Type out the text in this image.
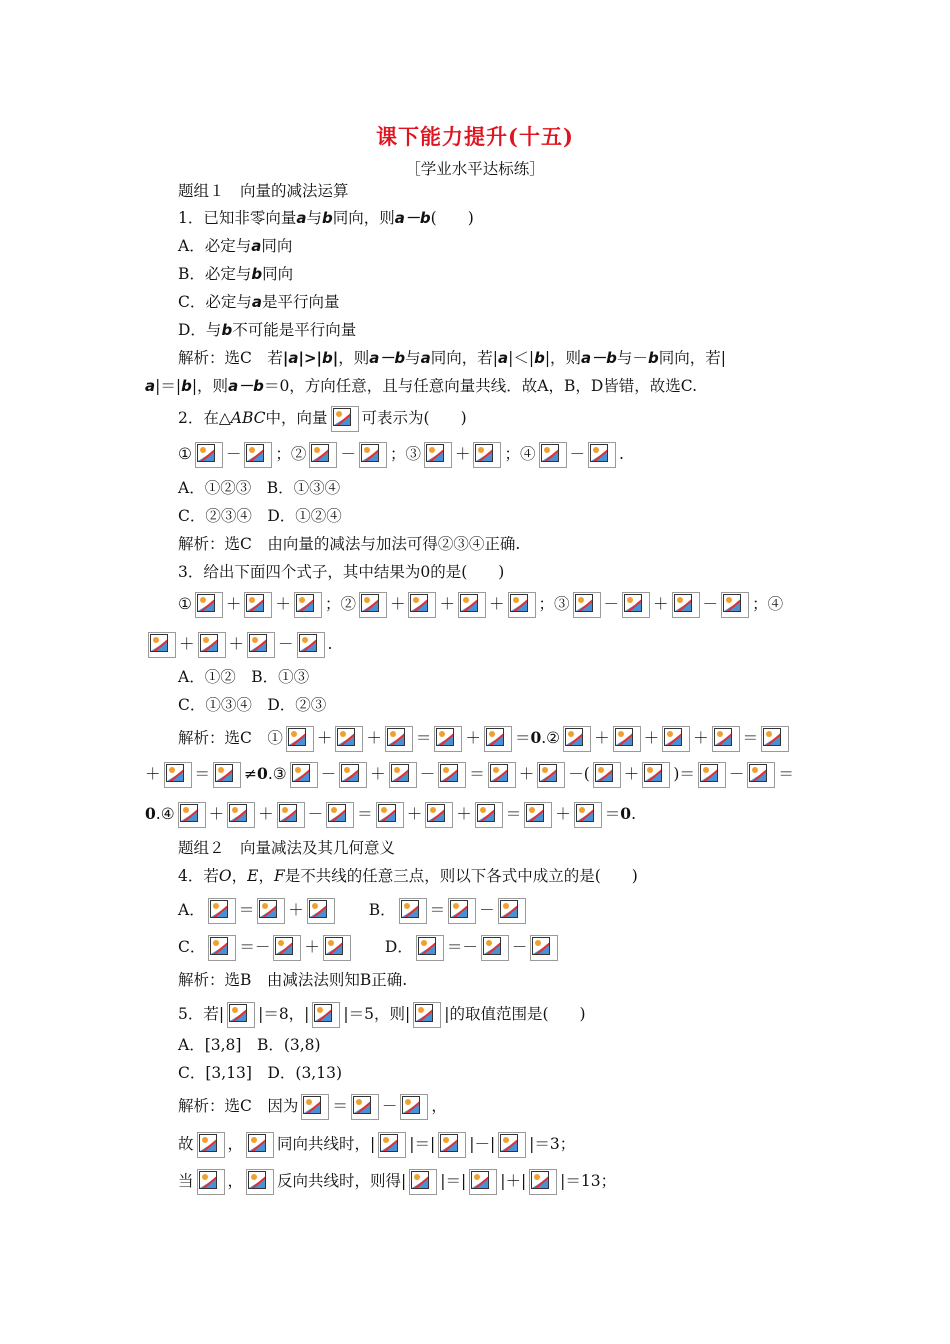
课下能力提升(十五)
［学业水平达标练］
题组１　向量的减法运算
1．已知非零向量a与b同向，则a－b(　　)
A．必定与a同向
B．必定与b同向
C．必定与a是平行向量
D．与b不可能是平行向量
解析：选C　若|a|>|b|，则a－b与a同向，若|a|＜|b|，则a－b与－b同向，若|
a|＝|b|，则a－b＝0，方向任意，且与任意向量共线．故A，B，D皆错，故选C.
2．在△ABC中，向量 可表示为(　　)
① － ；② － ；③ ＋ ；④ － .
A．①②③　B．①③④
C．②③④　D．①②④
解析：选C　由向量的减法与加法可得②③④正确.
3．给出下面四个式子，其中结果为0的是(　　)
① ＋ ＋ ；② ＋ ＋ ＋ ；③ － ＋ － ；④
＋ ＋ － .
A．①②　B．①③
C．①③④　D．②③
解析：选C　① ＋ ＋ ＝ ＋ ＝0.② ＋ ＋ ＋ ＝
＋ ＝ ≠0.③ － ＋ － ＝ ＋ －( ＋ )＝ － ＝
0.④ ＋ ＋ － ＝ ＋ ＋ ＝ ＋ ＝0.
题组２　向量减法及其几何意义
4．若O，E，F是不共线的任意三点，则以下各式中成立的是(　　)
A． ＝ ＋
　　	B． ＝ －
C． ＝－ ＋
　　	D． ＝－ －
解析：选B　由减法法则知B正确.
5．若| |＝8，| |＝5，则| |的取值范围是(　　)
A．[3,8]　B．(3,8)
C．[3,13]　D．(3,13)
解析：选C　因为 ＝ － ，
故 ， 同向共线时，| |＝| |－| |＝3；
当 ， 反向共线时，则得| |＝| |＋| |＝13；
